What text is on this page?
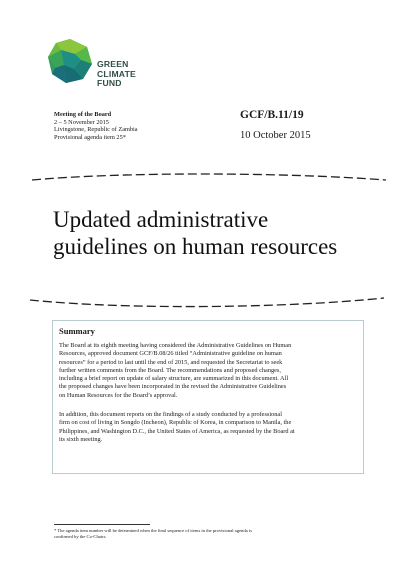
GREEN
CLIMATE
FUND
Meeting of the Board
2 – 5 November 2015
Livingstone, Republic of Zambia
Provisional agenda item 25*
GCF/B.11/19
10 October 2015
Updated administrative
guidelines on human resources
Summary
The Board at its eighth meeting having considered the Administrative Guidelines on Human
Resources, approved document GCF/B.08/26 titled “Administrative guideline on human
resources” for a period to last until the end of 2015, and requested the Secretariat to seek
further written comments from the Board. The recommendations and proposed changes,
including a brief report on update of salary structure, are summarized in this document. All
the proposed changes have been incorporated in the revised the Administrative Guidelines
on Human Resources for the Board’s approval.
In addition, this document reports on the findings of a study conducted by a professional
firm on cost of living in Songdo (Incheon), Republic of Korea, in comparison to Manila, the
Philippines, and Washington D.C., the United States of America, as requested by the Board at
its sixth meeting.
* The agenda item number will be determined when the final sequence of items in the provisional agenda is
confirmed by the Co-Chairs.
